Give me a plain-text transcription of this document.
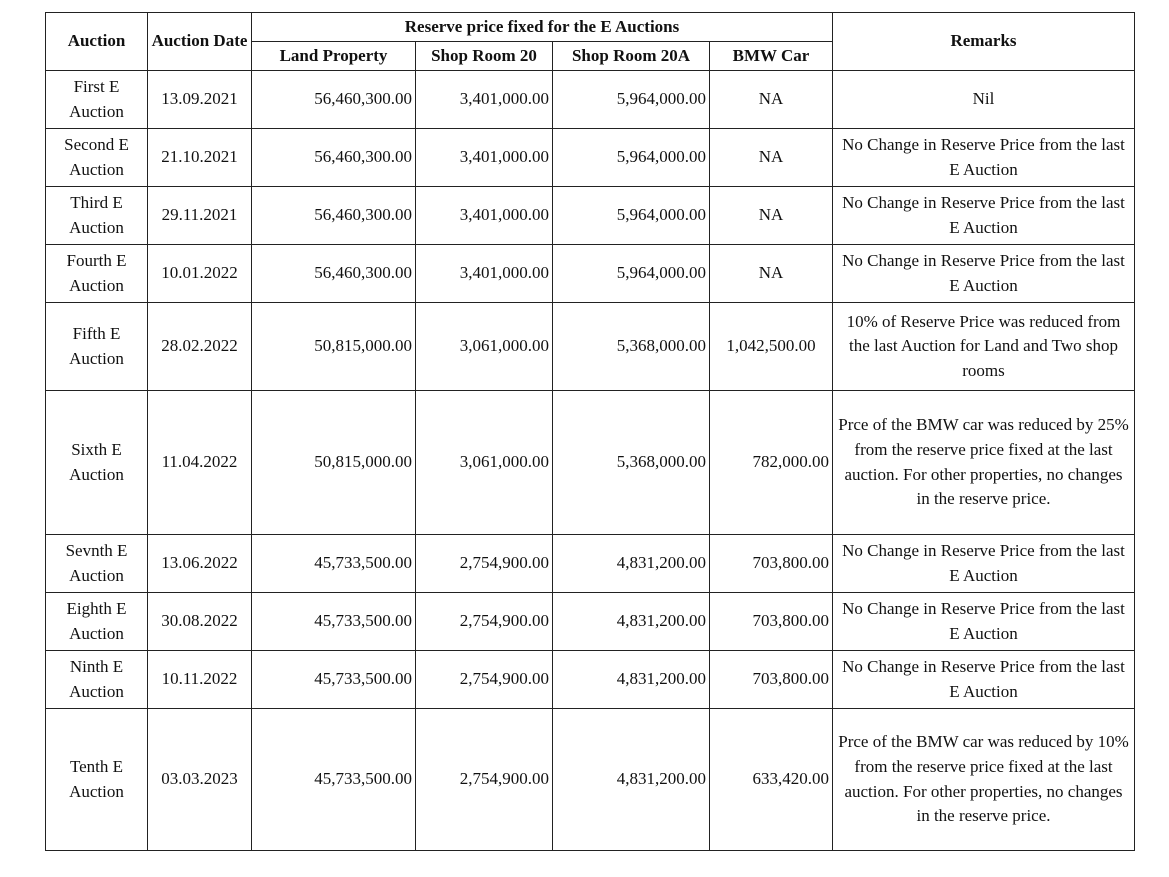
Auction	Auction Date	Reserve price fixed for the E Auctions				Remarks
		Land Property	Shop Room 20	Shop Room 20A	BMW Car	
First E Auction	13.09.2021	56,460,300.00	3,401,000.00	5,964,000.00	NA	Nil
Second E Auction	21.10.2021	56,460,300.00	3,401,000.00	5,964,000.00	NA	No Change in Reserve Price from the last E Auction
Third E Auction	29.11.2021	56,460,300.00	3,401,000.00	5,964,000.00	NA	No Change in Reserve Price from the last E Auction
Fourth E Auction	10.01.2022	56,460,300.00	3,401,000.00	5,964,000.00	NA	No Change in Reserve Price from the last E Auction
Fifth E Auction	28.02.2022	50,815,000.00	3,061,000.00	5,368,000.00	1,042,500.00	10% of Reserve Price was reduced from the last Auction for Land and Two shop rooms
Sixth E Auction	11.04.2022	50,815,000.00	3,061,000.00	5,368,000.00	782,000.00	Prce of the BMW car was reduced by 25% from the reserve price fixed at the last auction. For other properties, no changes in the reserve price.
Sevnth E Auction	13.06.2022	45,733,500.00	2,754,900.00	4,831,200.00	703,800.00	No Change in Reserve Price from the last E Auction
Eighth E Auction	30.08.2022	45,733,500.00	2,754,900.00	4,831,200.00	703,800.00	No Change in Reserve Price from the last E Auction
Ninth E Auction	10.11.2022	45,733,500.00	2,754,900.00	4,831,200.00	703,800.00	No Change in Reserve Price from the last E Auction
Tenth E Auction	03.03.2023	45,733,500.00	2,754,900.00	4,831,200.00	633,420.00	Prce of the BMW car was reduced by 10% from the reserve price fixed at the last auction. For other properties, no changes in the reserve price.
